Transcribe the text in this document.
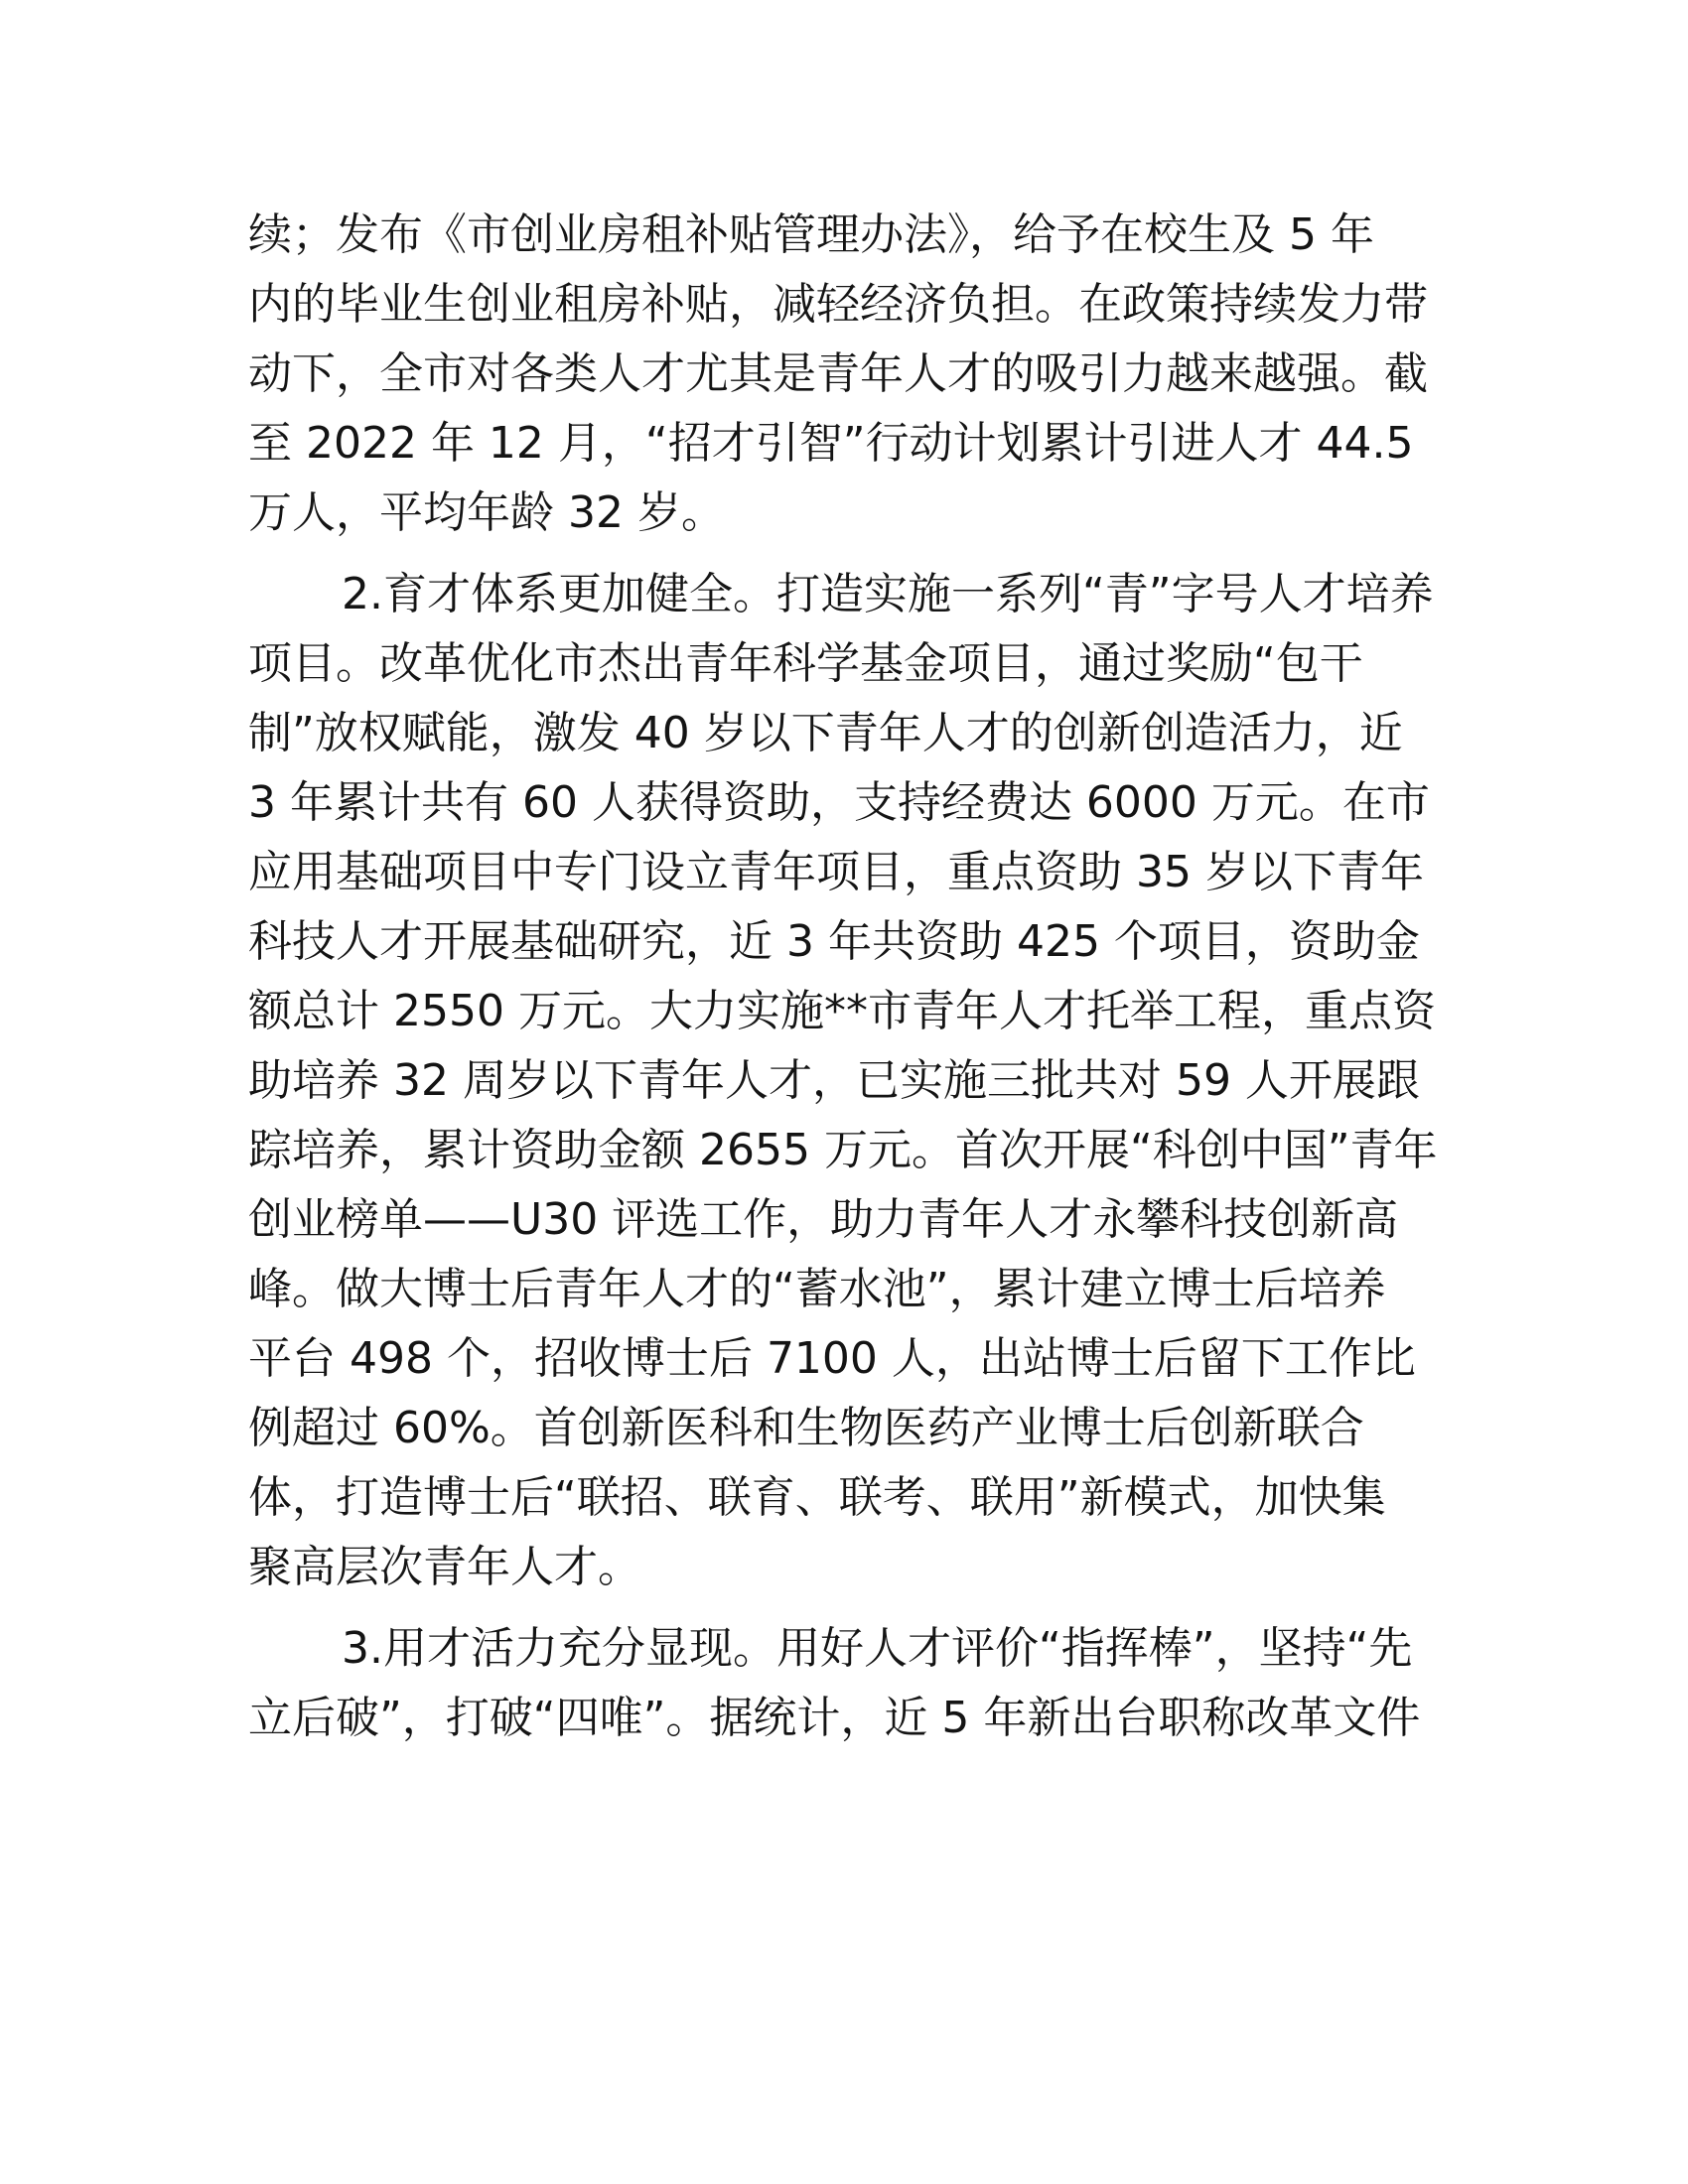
续；发布《市创业房租补贴管理办法》，给予在校生及 5 年
内的毕业生创业租房补贴，减轻经济负担。在政策持续发力带
动下，全市对各类人才尤其是青年人才的吸引力越来越强。截
至 2022 年 12 月，“招才引智”行动计划累计引进人才 44.5
万人，平均年龄 32 岁。
2.育才体系更加健全。打造实施一系列“青”字号人才培养
项目。改革优化市杰出青年科学基金项目，通过奖励“包干
制”放权赋能，激发 40 岁以下青年人才的创新创造活力，近
3 年累计共有 60 人获得资助，支持经费达 6000 万元。在市
应用基础项目中专门设立青年项目，重点资助 35 岁以下青年
科技人才开展基础研究，近 3 年共资助 425 个项目，资助金
额总计 2550 万元。大力实施**市青年人才托举工程，重点资
助培养 32 周岁以下青年人才，已实施三批共对 59 人开展跟
踪培养，累计资助金额 2655 万元。首次开展“科创中国”青年
创业榜单——U30 评选工作，助力青年人才永攀科技创新高
峰。做大博士后青年人才的“蓄水池”，累计建立博士后培养
平台 498 个，招收博士后 7100 人，出站博士后留下工作比
例超过 60%。首创新医科和生物医药产业博士后创新联合
体，打造博士后“联招、联育、联考、联用”新模式，加快集
聚高层次青年人才。
3.用才活力充分显现。用好人才评价“指挥棒”，坚持“先
立后破”，打破“四唯”。据统计，近 5 年新出台职称改革文件
